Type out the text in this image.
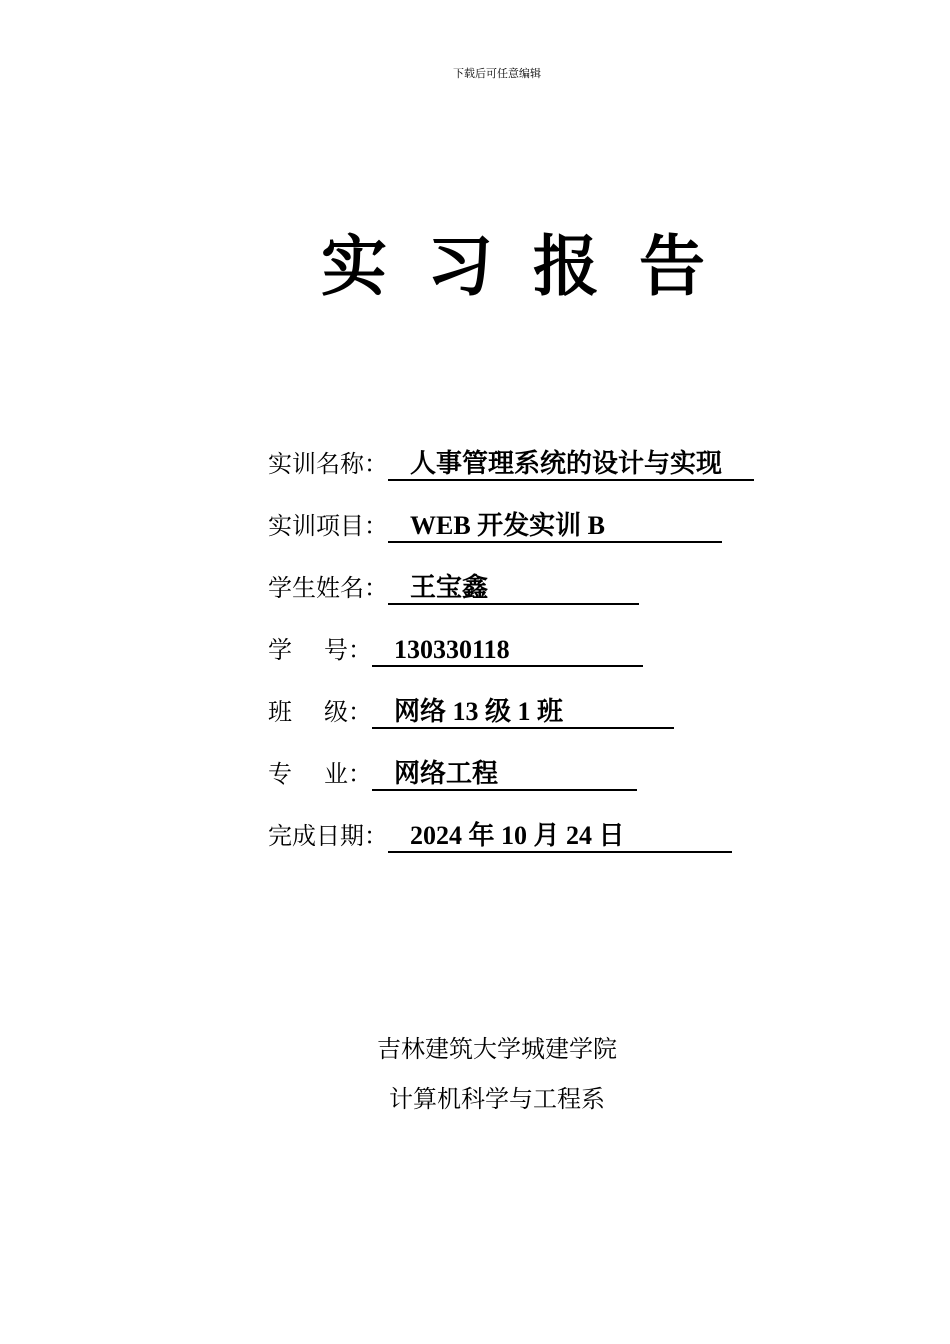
下载后可任意编辑
实 习 报 告
实训名称： 人事管理系统的设计与实现
实训项目： WEB 开发实训 B
学生姓名： 王宝鑫
学 号： 130330118
班 级： 网络 13 级 1 班
专 业： 网络工程
完成日期： 2024 年 10 月 24 日
吉林建筑大学城建学院
计算机科学与工程系
